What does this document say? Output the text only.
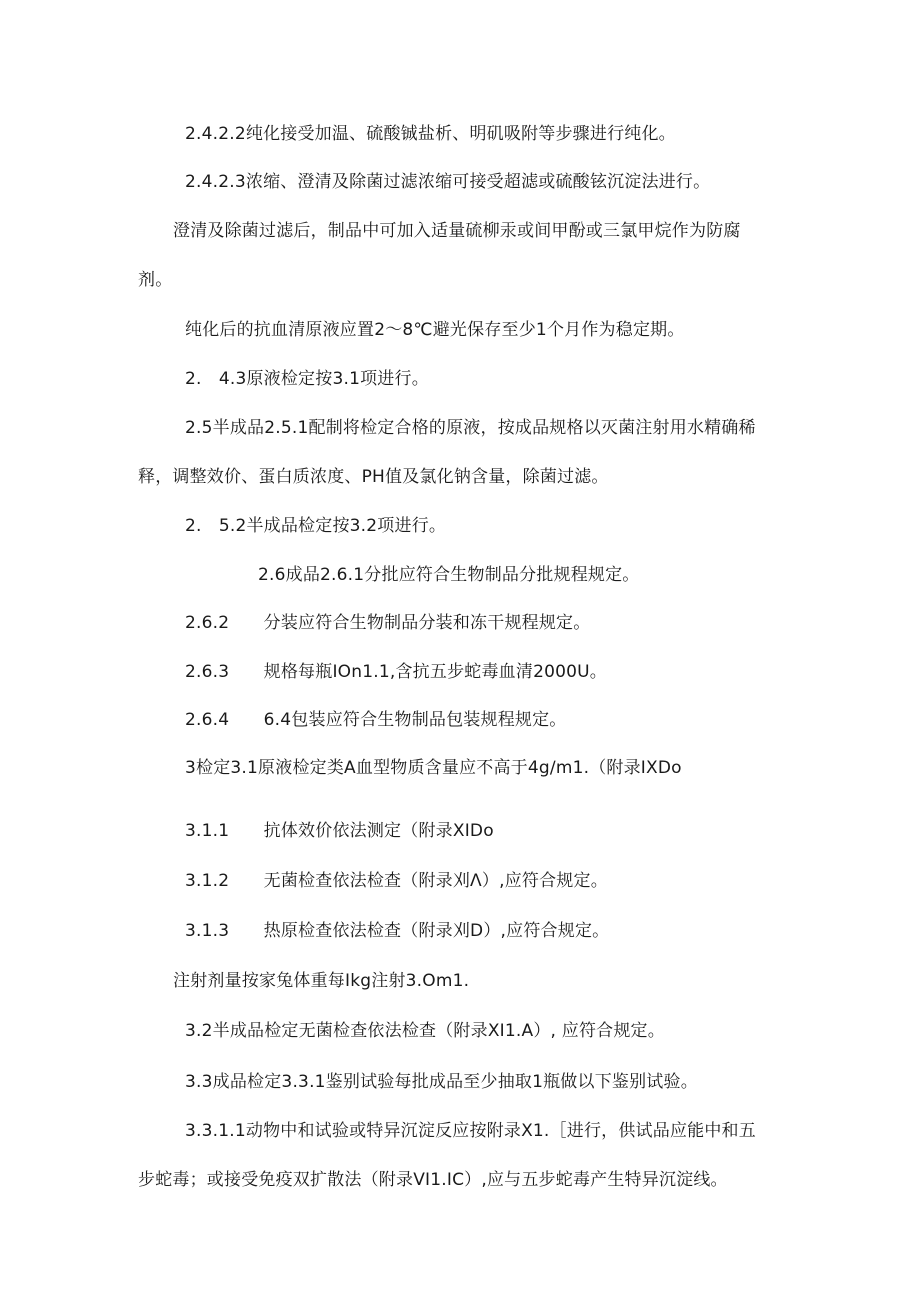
2.4.2.2纯化接受加温、硫酸铖盐析、明矶吸附等步骤进行纯化。
2.4.2.3浓缩、澄清及除菌过滤浓缩可接受超滤或硫酸铉沉淀法进行。
澄清及除菌过滤后，制品中可加入适量硫柳汞或间甲酚或三氯甲烷作为防腐
剂。
纯化后的抗血清原液应置2〜8℃避光保存至少1个月作为稳定期。
2.　4.3原液检定按3.1项进行。
2.5半成品2.5.1配制将检定合格的原液，按成品规格以灭菌注射用水精确稀
释，调整效价、蛋白质浓度、PH值及氯化钠含量，除菌过滤。
2.　5.2半成品检定按3.2项进行。
2.6成品2.6.1分批应符合生物制品分批规程规定。
2.6.2　　分装应符合生物制品分装和冻干规程规定。
2.6.3　　规格每瓶IOn1.1,含抗五步蛇毒血清2000U。
2.6.4　　6.4包装应符合生物制品包装规程规定。
3检定3.1原液检定类A血型物质含量应不高于4g∕m1.（附录IXDo
3.1.1　　抗体效价依法测定（附录XIDo
3.1.2　　无菌检查依法检查（附录刈Λ）,应符合规定。
3.1.3　　热原检查依法检查（附录刈D）,应符合规定。
注射剂量按家兔体重每Ikg注射3.Om1.
3.2半成品检定无菌检查依法检查（附录XI1.A）, 应符合规定。
3.3成品检定3.3.1鉴别试验每批成品至少抽取1瓶做以下鉴别试验。
3.3.1.1动物中和试验或特异沉淀反应按附录X1.［进行，供试品应能中和五
步蛇毒；或接受免疫双扩散法（附录VI1.IC）,应与五步蛇毒产生特异沉淀线。
